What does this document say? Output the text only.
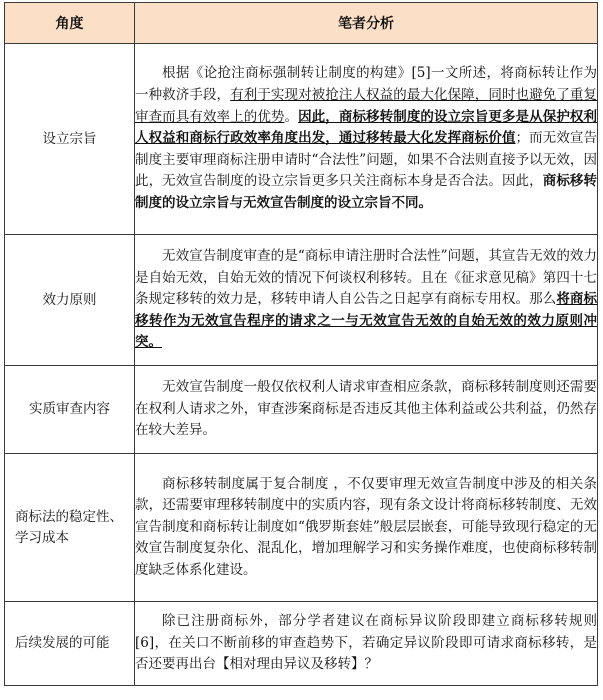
角度	笔者分析
设立宗旨	根据《论抢注商标强制转让制度的构建》[5]一文所述，将商标转让作为一种救济手段，有利于实现对被抢注人权益的最大化保障，同时也避免了重复审查而具有效率上的优势。因此，商标移转制度的设立宗旨更多是从保护权利人权益和商标行政效率角度出发，通过移转最大化发挥商标价值；而无效宣告制度主要审理商标注册申请时“合法性”问题，如果不合法则直接予以无效，因此，无效宣告制度的设立宗旨更多只关注商标本身是否合法。因此，商标移转制度的设立宗旨与无效宣告制度的设立宗旨不同。

效力原则	无效宣告制度审查的是“商标申请注册时合法性”问题，其宣告无效的效力是自始无效，自始无效的情况下何谈权利移转。且在《征求意见稿》第四十七条规定移转的效力是，移转申请人自公告之日起享有商标专用权。那么将商标移转作为无效宣告程序的请求之一与无效宣告无效的自始无效的效力原则冲突。

实质审查内容	无效宣告制度一般仅依权利人请求审查相应条款，商标移转制度则还需要在权利人请求之外，审查涉案商标是否违反其他主体利益或公共利益，仍然存在较大差异。

商标法的稳定性、学习成本	商标移转制度属于复合制度 ，不仅要审理无效宣告制度中涉及的相关条款，还需要审理移转制度中的实质内容，现有条文设计将商标移转制度、无效宣告制度和商标转让制度如“俄罗斯套娃”般层层嵌套，可能导致现行稳定的无效宣告制度复杂化、混乱化，增加理解学习和实务操作难度，也使商标移转制度缺乏体系化建设。

后续发展的可能	除已注册商标外，部分学者建议在商标异议阶段即建立商标移转规则[6]，在关口不断前移的审查趋势下，若确定异议阶段即可请求商标移转，是否还要再出台【相对理由异议及移转】？
